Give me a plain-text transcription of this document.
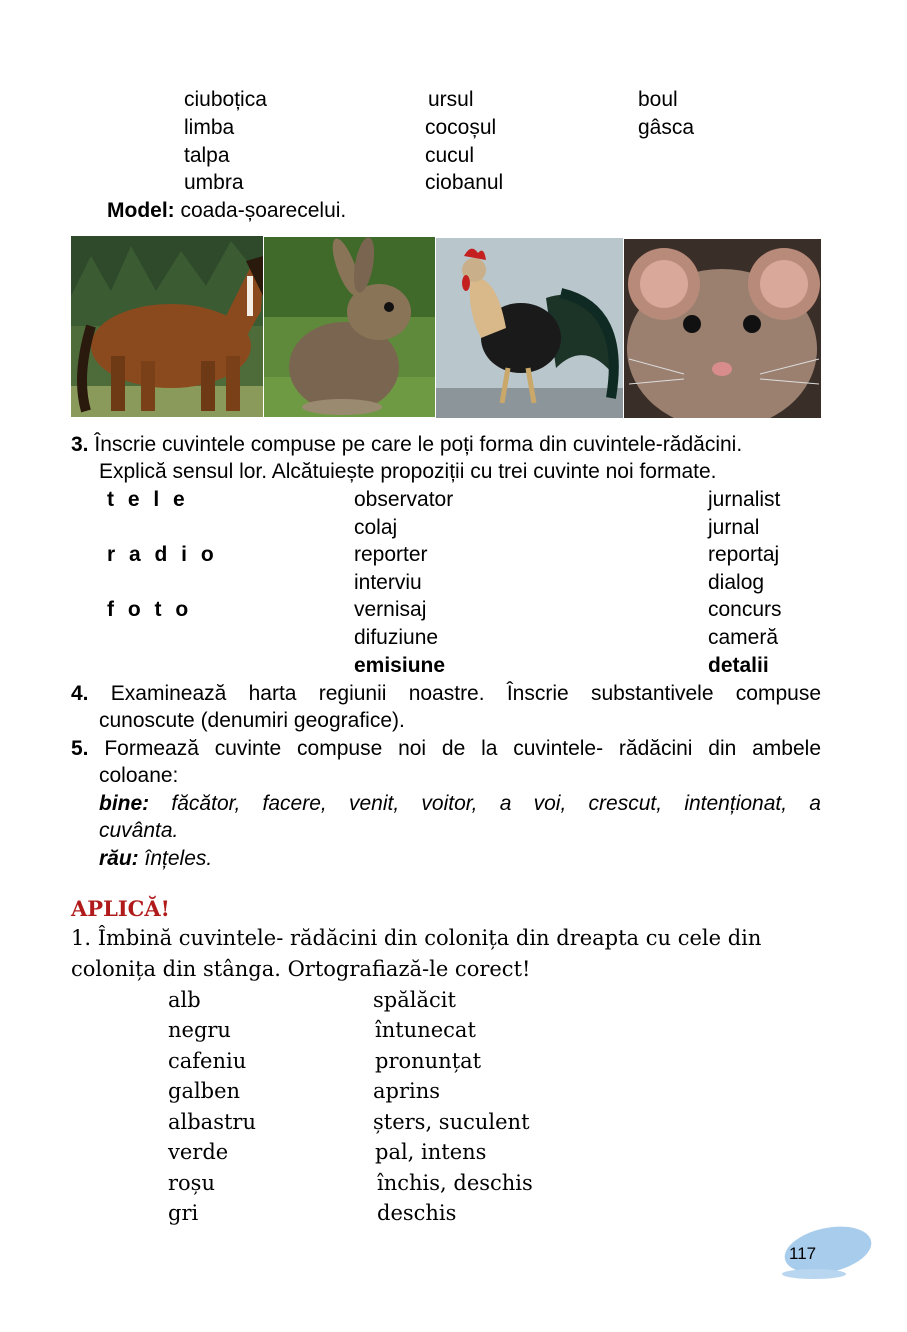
ciuboțica
limba
talpa
umbra
ursul
cocoșul
cucul
ciobanul
boul
gâsca
Model: coada-șoarecelui.
3. Înscrie cuvintele compuse pe care le poți forma din cuvintele-rădăcini.
Explică sensul lor. Alcătuiește propoziții cu trei cuvinte noi formate.
t e l e
r a d i o
f o t o
observator
colaj
reporter
interviu
vernisaj
difuziune
emisiune
jurnalist
jurnal
reportaj
dialog
concurs
cameră
detalii
4. Examinează harta regiunii noastre. Înscrie substantivele compuse
cunoscute (denumiri geografice).
5. Formează cuvinte compuse noi de la cuvintele- rădăcini din ambele
coloane:
bine: făcător, facere, venit, voitor, a voi, crescut, intenționat, a
cuvânta.
rău: înțeles.
APLICĂ!
1. Îmbină cuvintele- rădăcini din colonița din dreapta cu cele din
colonița din stânga. Ortografiază-le corect!
alb
negru
cafeniu
galben
albastru
verde
roșu
gri
spălăcit
întunecat
pronunțat
aprins
șters, suculent
pal, intens
închis, deschis
deschis
117
